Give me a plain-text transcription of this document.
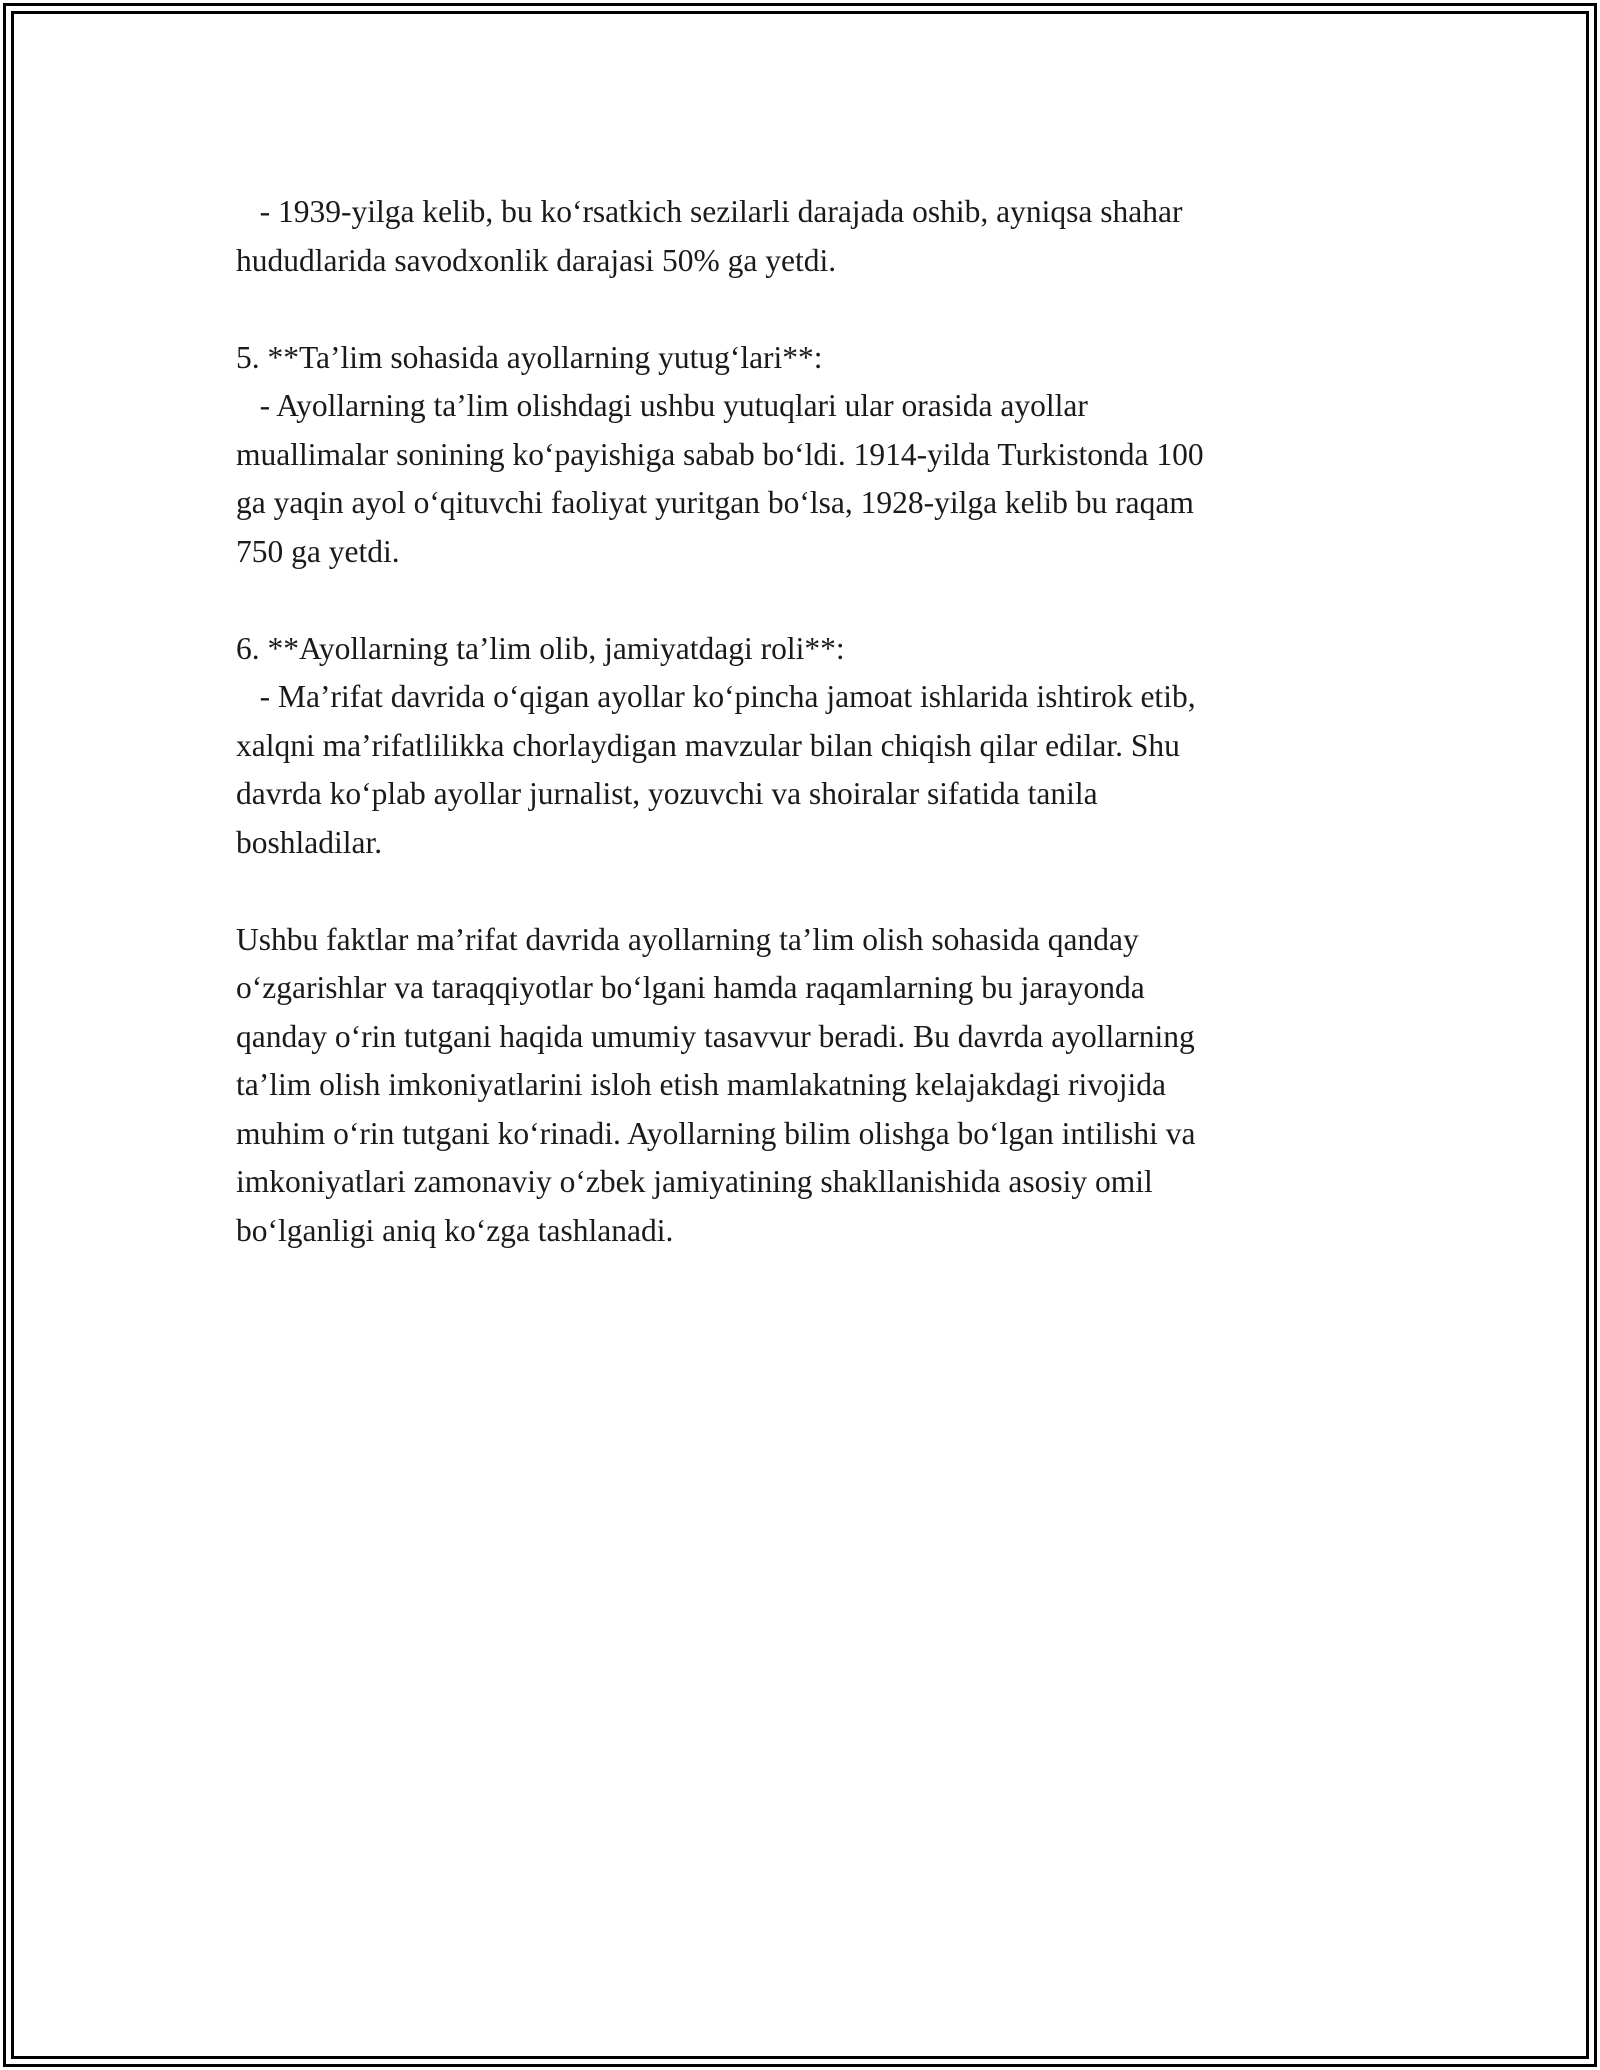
- 1939-yilga kelib, bu ko‘rsatkich sezilarli darajada oshib, ayniqsa shahar
hududlarida savodxonlik darajasi 50% ga yetdi.
5. **Ta’lim sohasida ayollarning yutug‘lari**:
- Ayollarning ta’lim olishdagi ushbu yutuqlari ular orasida ayollar
muallimalar sonining ko‘payishiga sabab bo‘ldi. 1914-yilda Turkistonda 100
ga yaqin ayol o‘qituvchi faoliyat yuritgan bo‘lsa, 1928-yilga kelib bu raqam
750 ga yetdi.
6. **Ayollarning ta’lim olib, jamiyatdagi roli**:
- Ma’rifat davrida o‘qigan ayollar ko‘pincha jamoat ishlarida ishtirok etib,
xalqni ma’rifatlilikka chorlaydigan mavzular bilan chiqish qilar edilar. Shu
davrda ko‘plab ayollar jurnalist, yozuvchi va shoiralar sifatida tanila
boshladilar.
Ushbu faktlar ma’rifat davrida ayollarning ta’lim olish sohasida qanday
o‘zgarishlar va taraqqiyotlar bo‘lgani hamda raqamlarning bu jarayonda
qanday o‘rin tutgani haqida umumiy tasavvur beradi. Bu davrda ayollarning
ta’lim olish imkoniyatlarini isloh etish mamlakatning kelajakdagi rivojida
muhim o‘rin tutgani ko‘rinadi. Ayollarning bilim olishga bo‘lgan intilishi va
imkoniyatlari zamonaviy o‘zbek jamiyatining shakllanishida asosiy omil
bo‘lganligi aniq ko‘zga tashlanadi.
